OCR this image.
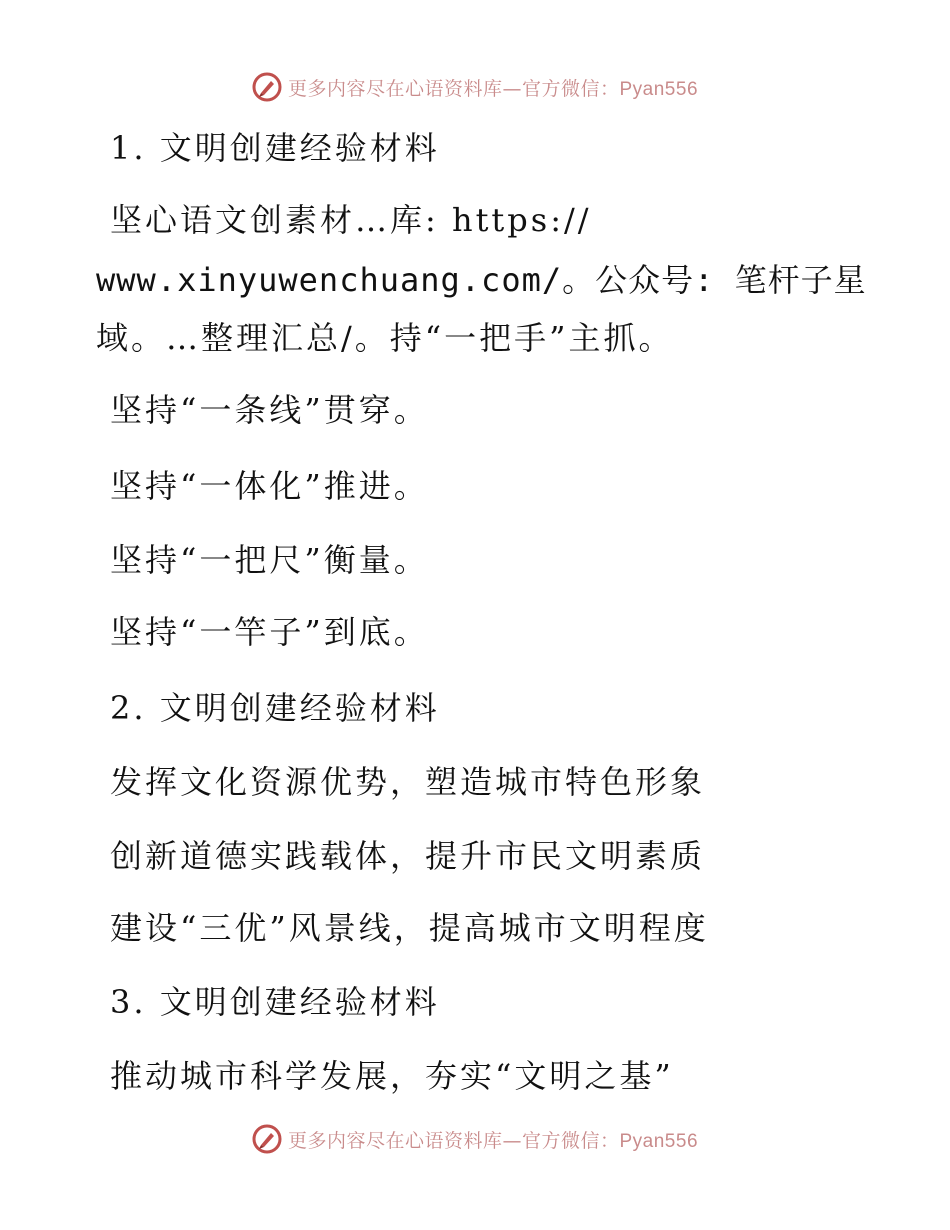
更多内容尽在心语资料库—官方微信：Pyan556
1. 文明创建经验材料
坚心语文创素材…库: https://
www.xinyuwenchuang.com/。公众号: 笔杆子星
域。…整理汇总/。持“一把手”主抓。
坚持“一条线”贯穿。
坚持“一体化”推进。
坚持“一把尺”衡量。
坚持“一竿子”到底。
2. 文明创建经验材料
发挥文化资源优势，塑造城市特色形象
创新道德实践载体，提升市民文明素质
建设“三优”风景线，提高城市文明程度
3. 文明创建经验材料
推动城市科学发展，夯实“文明之基”
更多内容尽在心语资料库—官方微信：Pyan556
